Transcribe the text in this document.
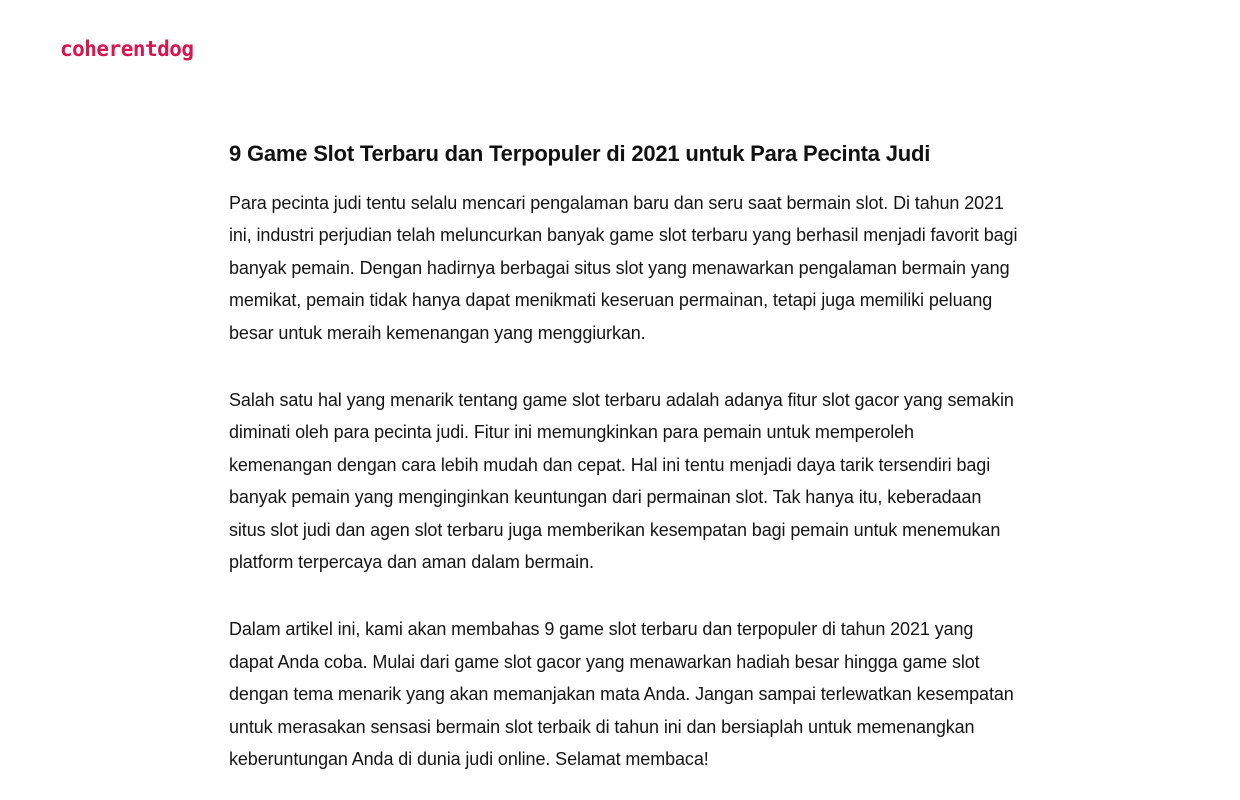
coherentdog
9 Game Slot Terbaru dan Terpopuler di 2021 untuk Para Pecinta Judi

Para pecinta judi tentu selalu mencari pengalaman baru dan seru saat bermain slot. Di tahun 2021 ini, industri perjudian telah meluncurkan banyak game slot terbaru yang berhasil menjadi favorit bagi banyak pemain. Dengan hadirnya berbagai situs slot yang menawarkan pengalaman bermain yang memikat, pemain tidak hanya dapat menikmati keseruan permainan, tetapi juga memiliki peluang besar untuk meraih kemenangan yang menggiurkan.

Salah satu hal yang menarik tentang game slot terbaru adalah adanya fitur slot gacor yang semakin diminati oleh para pecinta judi. Fitur ini memungkinkan para pemain untuk memperoleh kemenangan dengan cara lebih mudah dan cepat. Hal ini tentu menjadi daya tarik tersendiri bagi banyak pemain yang menginginkan keuntungan dari permainan slot. Tak hanya itu, keberadaan situs slot judi dan agen slot terbaru juga memberikan kesempatan bagi pemain untuk menemukan platform terpercaya dan aman dalam bermain.

Dalam artikel ini, kami akan membahas 9 game slot terbaru dan terpopuler di tahun 2021 yang dapat Anda coba. Mulai dari game slot gacor yang menawarkan hadiah besar hingga game slot dengan tema menarik yang akan memanjakan mata Anda. Jangan sampai terlewatkan kesempatan untuk merasakan sensasi bermain slot terbaik di tahun ini dan bersiaplah untuk memenangkan keberuntungan Anda di dunia judi online. Selamat membaca!
